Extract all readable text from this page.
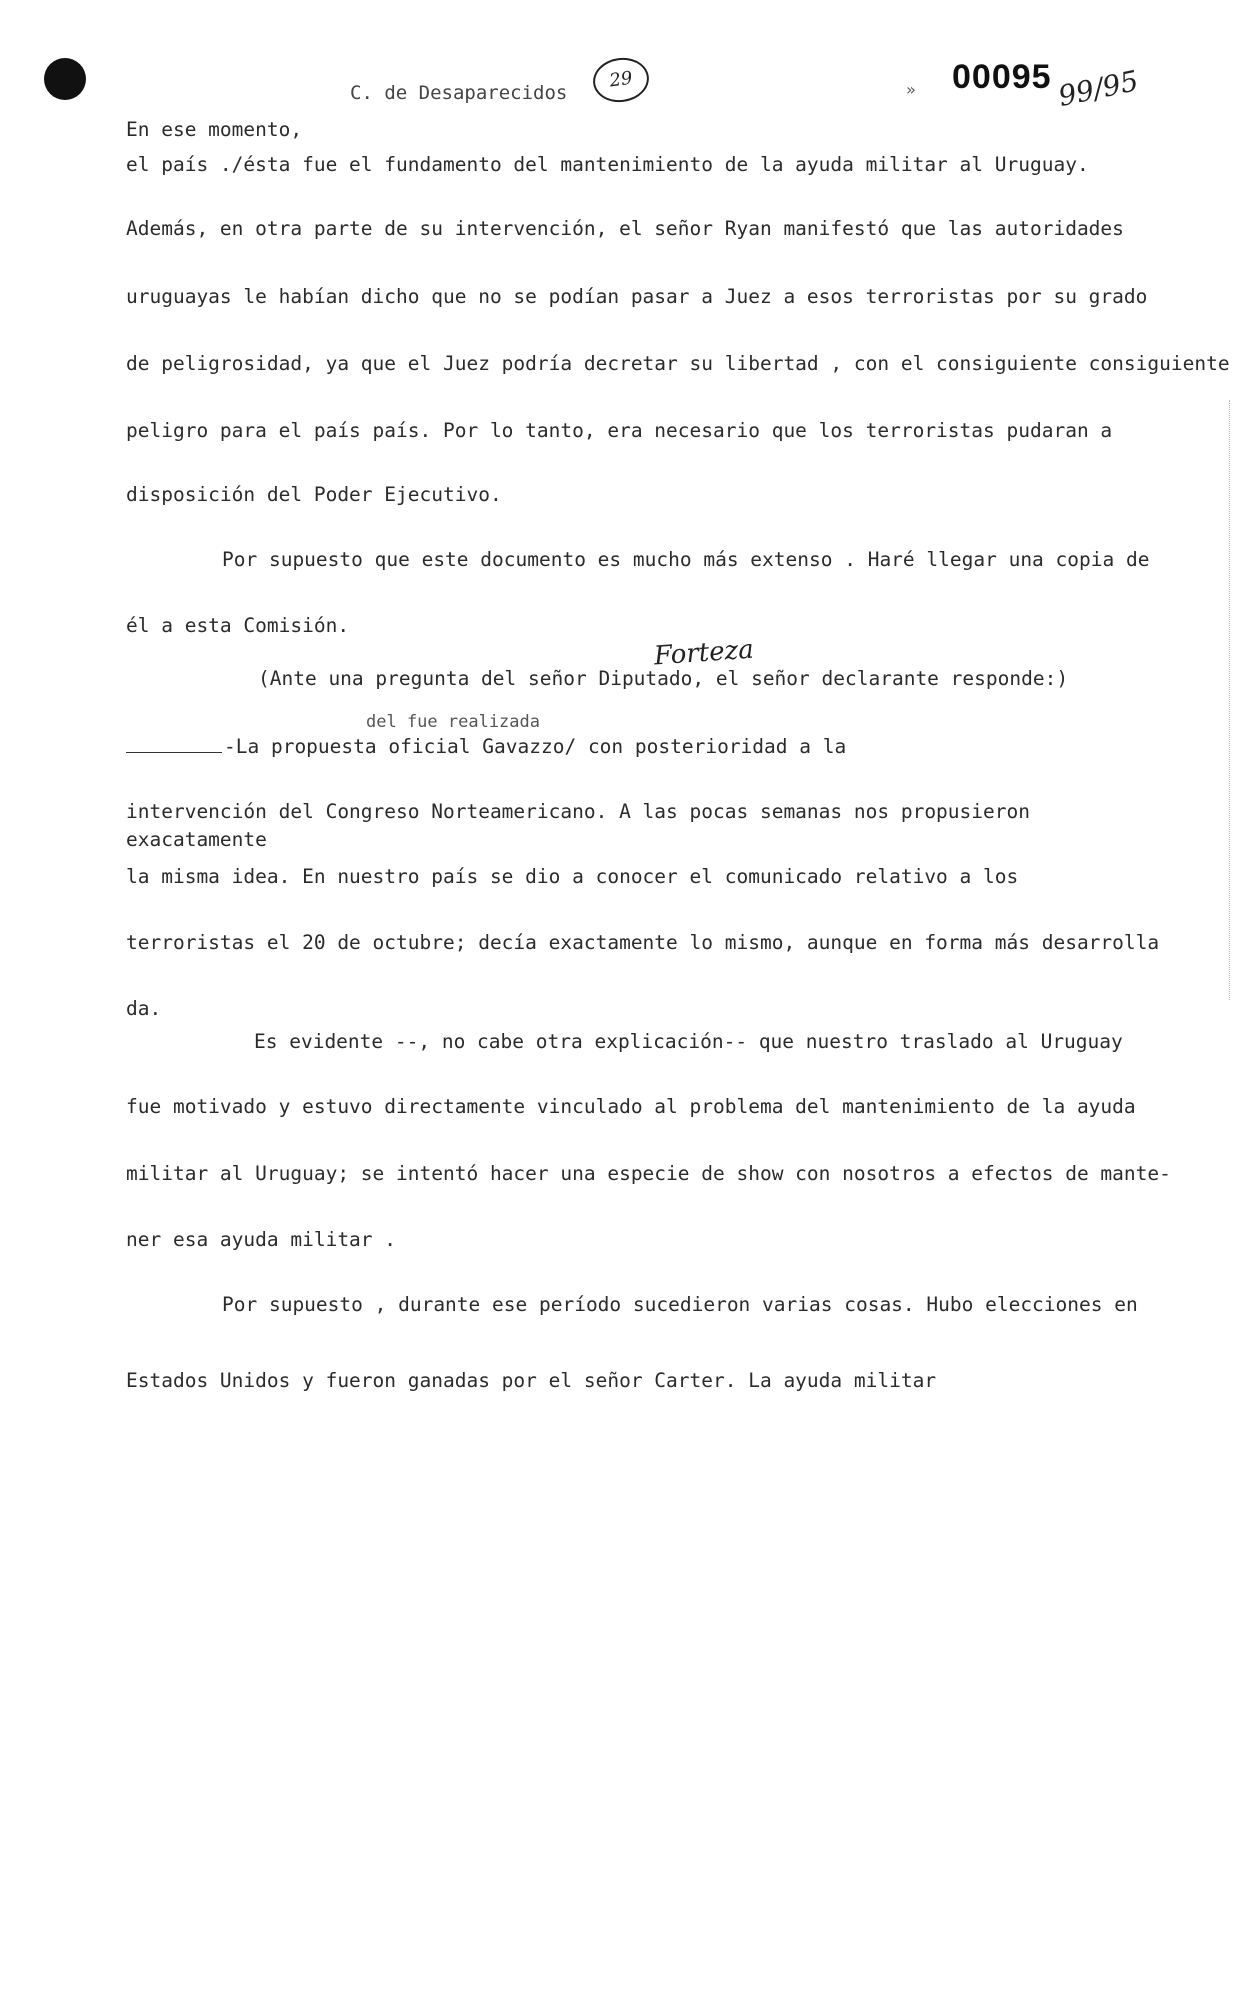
C. de Desaparecidos
29	» 00095 99/95
En ese momento,
el país ./ésta fue el fundamento del mantenimiento de la ayuda militar al Uruguay.
Además, en otra parte de su intervención, el señor Ryan manifestó que las autoridades
uruguayas le habían dicho que no se podían pasar a Juez a esos terroristas por su grado
de peligrosidad, ya que el Juez podría decretar su libertad , con el consiguiente consiguiente
peligro para el país país. Por lo tanto, era necesario que los terroristas pudaran a
disposición del Poder Ejecutivo.
Por supuesto que este documento es mucho más extenso . Haré llegar una copia de
él a esta Comisión.
Forteza
(Ante una pregunta del señor Diputado, el señor declarante responde:)
del fue realizada
-La propuesta oficial Gavazzo/ con posterioridad a la
intervención del Congreso Norteamericano. A las pocas semanas nos propusieron
exacatamente
la misma idea. En nuestro país se dio a conocer el comunicado relativo a los
terroristas el 20 de octubre; decía exactamente lo mismo, aunque en forma más desarrolla
da.
Es evidente --, no cabe otra explicación-- que nuestro traslado al Uruguay
fue motivado y estuvo directamente vinculado al problema del mantenimiento de la ayuda
militar al Uruguay; se intentó hacer una especie de show con nosotros a efectos de mante-
ner esa ayuda militar .
Por supuesto , durante ese período sucedieron varias cosas. Hubo elecciones en
Estados Unidos y fueron ganadas por el señor Carter. La ayuda militar
